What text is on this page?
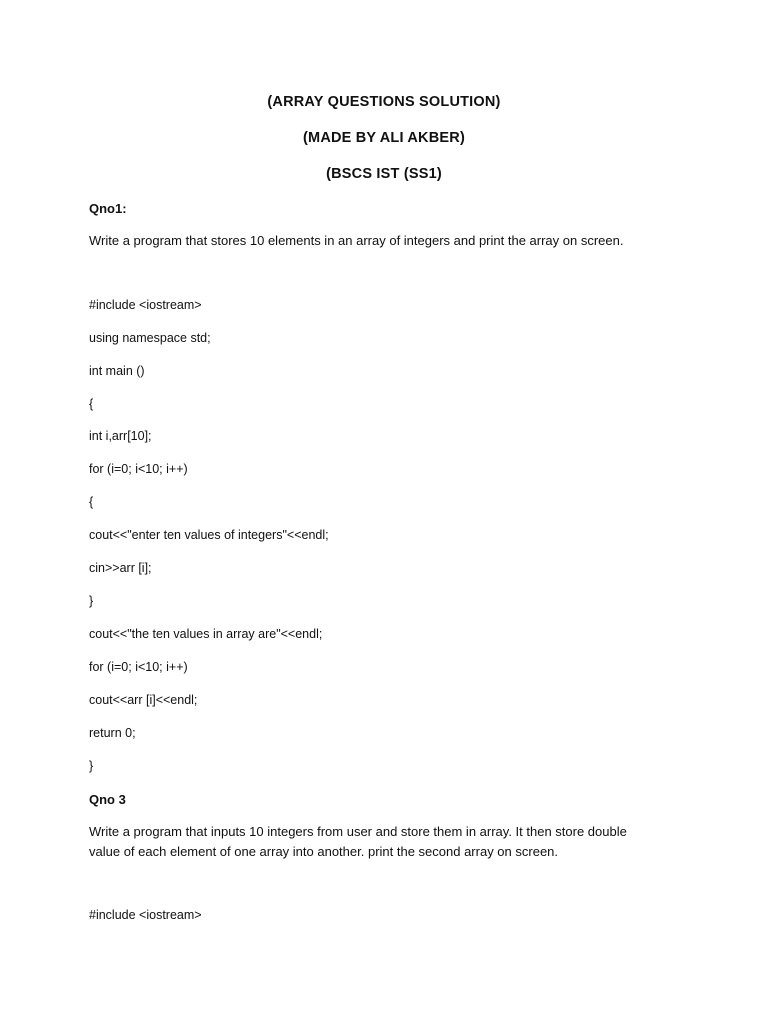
(ARRAY QUESTIONS SOLUTION)
(MADE BY ALI AKBER)
(BSCS IST (SS1)
Qno1:
Write a program that stores 10 elements in an array of integers and print the array on screen.
#include <iostream>
using namespace std;
int main ()
{
int i,arr[10];
for (i=0; i<10; i++)
{
cout<<"enter ten values of integers"<<endl;
cin>>arr [i];
}
cout<<"the ten values in array are"<<endl;
for (i=0; i<10; i++)
cout<<arr [i]<<endl;
return 0;
}
Qno 3
Write a program that inputs 10 integers from user and store them in array. It then store double
value of each element of one array into another. print the second array on screen.
#include <iostream>
